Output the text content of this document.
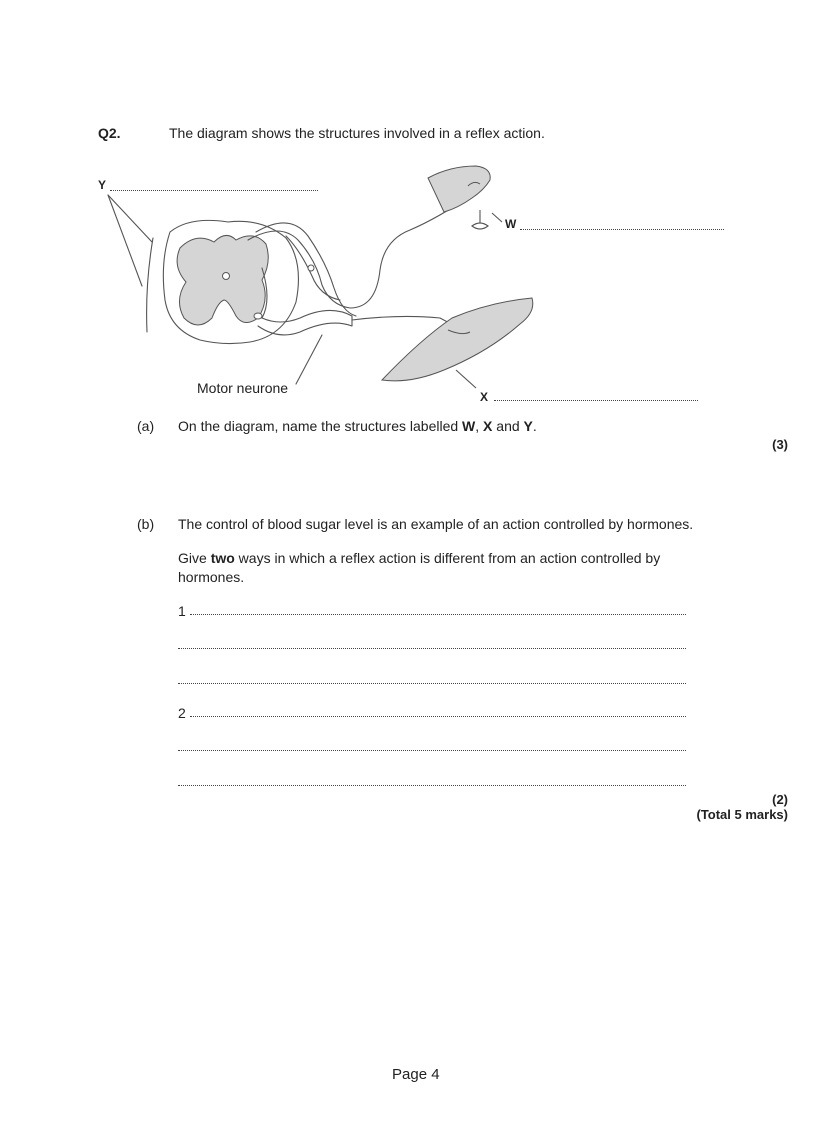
Q2.	The diagram shows the structures involved in a reflex action.
Y
W
Motor neurone
X
(a) On the diagram, name the structures labelled W, X and Y.
(3)
(b) The control of blood sugar level is an example of an action controlled by hormones.
Give two ways in which a reflex action is different from an action controlled by
hormones.
1
2
(2)
(Total 5 marks)
Page 4
